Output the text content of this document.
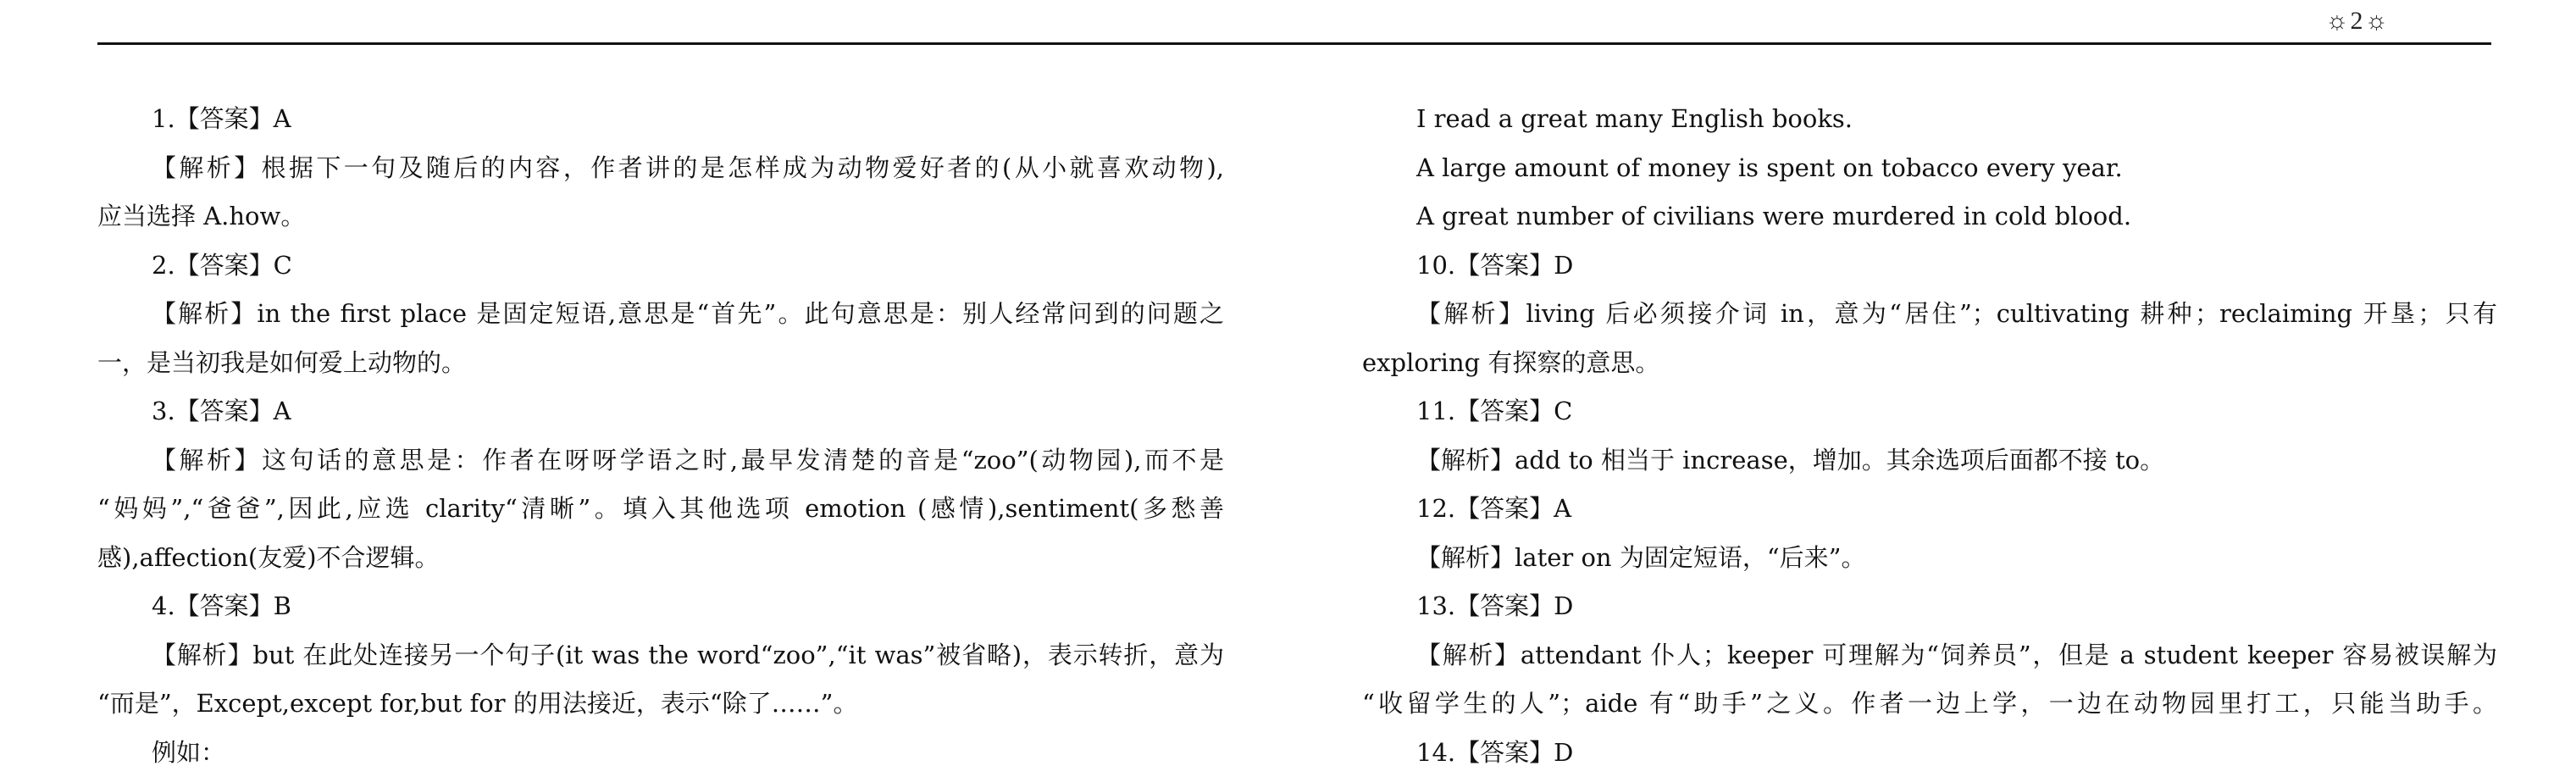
☼2☼
1.【答案】A
【解析】根据下一句及随后的内容，作者讲的是怎样成为动物爱好者的(从小就喜欢动物),
应当选择 A.how。
2.【答案】C
【解析】in the first place 是固定短语,意思是“首先”。此句意思是：别人经常问到的问题之
一，是当初我是如何爱上动物的。
3.【答案】A
【解析】这句话的意思是：作者在呀呀学语之时,最早发清楚的音是“zoo”(动物园),而不是
“妈妈”,“爸爸”,因此,应选 clarity“清晰”。填入其他选项 emotion (感情),sentiment(多愁善
感),affection(友爱)不合逻辑。
4.【答案】B
【解析】but 在此处连接另一个句子(it was the word“zoo”,“it was”被省略)，表示转折，意为
“而是”，Except,except for,but for 的用法接近，表示“除了……”。
例如：
I read a great many English books.
A large amount of money is spent on tobacco every year.
A great number of civilians were murdered in cold blood.
10.【答案】D
【解析】living 后必须接介词 in，意为“居住”；cultivating 耕种；reclaiming 开垦；只有
exploring 有探察的意思。
11.【答案】C
【解析】add to 相当于 increase，增加。其余选项后面都不接 to。
12.【答案】A
【解析】later on 为固定短语，“后来”。
13.【答案】D
【解析】attendant 仆人；keeper 可理解为“饲养员”，但是 a student keeper 容易被误解为
“收留学生的人”；aide 有“助手”之义。作者一边上学，一边在动物园里打工，只能当助手。
14.【答案】D
